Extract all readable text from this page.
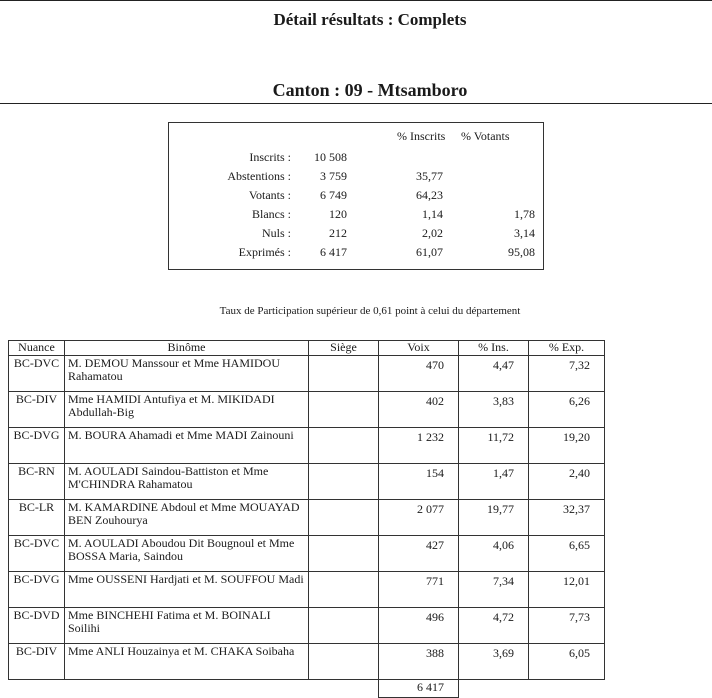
Détail résultats : Complets
Canton : 09 - Mtsamboro
% Inscrits % Votants
Inscrits : 10 508
Abstentions : 3 759	35,77
Votants : 6 749	64,23
Blancs :	120	1,14	1,78
Nuls :	212	2,02	3,14
Exprimés : 6 417	61,07	95,08
Taux de Participation supérieur de 0,61 point à celui du département
Nuance	Binôme	Siège	Voix	% Ins.	% Exp.
BC-DVC	M. DEMOU Manssour et Mme HAMIDOU Rahamatou		470	4,47	7,32
BC-DIV	Mme HAMIDI Antufiya et M. MIKIDADI Abdullah-Big		402	3,83	6,26
BC-DVG	M. BOURA Ahamadi et Mme MADI Zainouni		1 232	11,72	19,20
BC-RN	M. AOULADI Saindou-Battiston et Mme M'CHINDRA Rahamatou		154	1,47	2,40
BC-LR	M. KAMARDINE Abdoul et Mme MOUAYAD BEN Zouhourya		2 077	19,77	32,37
BC-DVC	M. AOULADI Aboudou Dit Bougnoul et Mme BOSSA Maria, Saindou		427	4,06	6,65
BC-DVG	Mme OUSSENI Hardjati et M. SOUFFOU Madi		771	7,34	12,01
BC-DVD	Mme BINCHEHI Fatima et M. BOINALI Soilihi		496	4,72	7,73
BC-DIV	Mme ANLI Houzainya et M. CHAKA Soibaha		388	3,69	6,05
			6 417		
